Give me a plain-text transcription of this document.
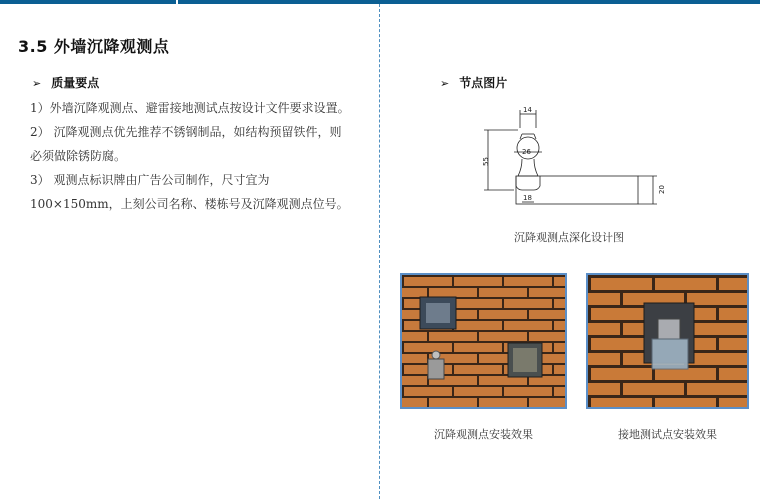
3.5 外墙沉降观测点
➢ 质量要点

1）外墙沉降观测点、避雷接地测试点按设计文件要求设置。

2） 沉降观测点优先推荐不锈钢制品，如结构预留铁件，则必须做除锈防腐。

3） 观测点标识牌由广告公司制作，尺寸宜为100×150mm，上刻公司名称、楼栋号及沉降观测点位号。

➢ 节点图片
14
26
55
18
20
沉降观测点深化设计图
沉降观测点安装效果	接地测试点安装效果
